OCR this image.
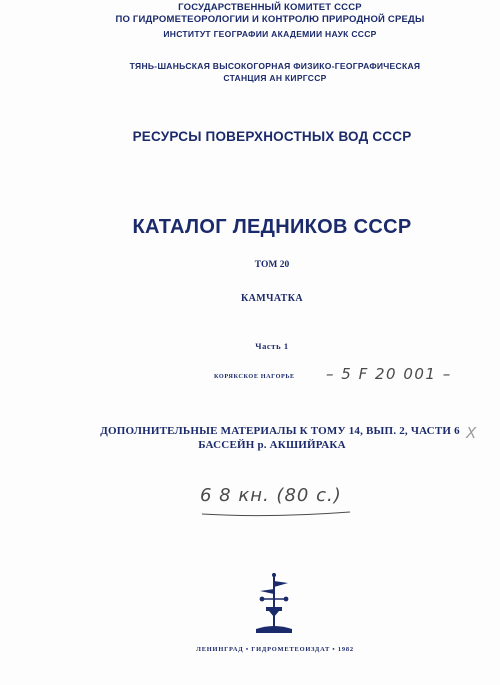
ГОСУДАРСТВЕННЫЙ КОМИТЕТ СССР
ПО ГИДРОМЕТЕОРОЛОГИИ И КОНТРОЛЮ ПРИРОДНОЙ СРЕДЫ
ИНСТИТУТ ГЕОГРАФИИ АКАДЕМИИ НАУК СССР
ТЯНЬ-ШАНЬСКАЯ ВЫСОКОГОРНАЯ ФИЗИКО-ГЕОГРАФИЧЕСКАЯ
СТАНЦИЯ АН КИРГССР
РЕСУРСЫ ПОВЕРХНОСТНЫХ ВОД СССР
КАТАЛОГ ЛЕДНИКОВ СССР
ТОМ 20
КАМЧАТКА
Часть 1
КОРЯКСКОЕ НАГОРЬЕ – 5 F 20 001 –
ДОПОЛНИТЕЛЬНЫЕ МАТЕРИАЛЫ К ТОМУ 14, ВЫП. 2, ЧАСТИ 6
БАССЕЙН р. АКШИЙРАКА
X
6 8 кн. (80 с.)
ЛЕНИНГРАД • ГИДРОМЕТЕОИЗДАТ • 1982
